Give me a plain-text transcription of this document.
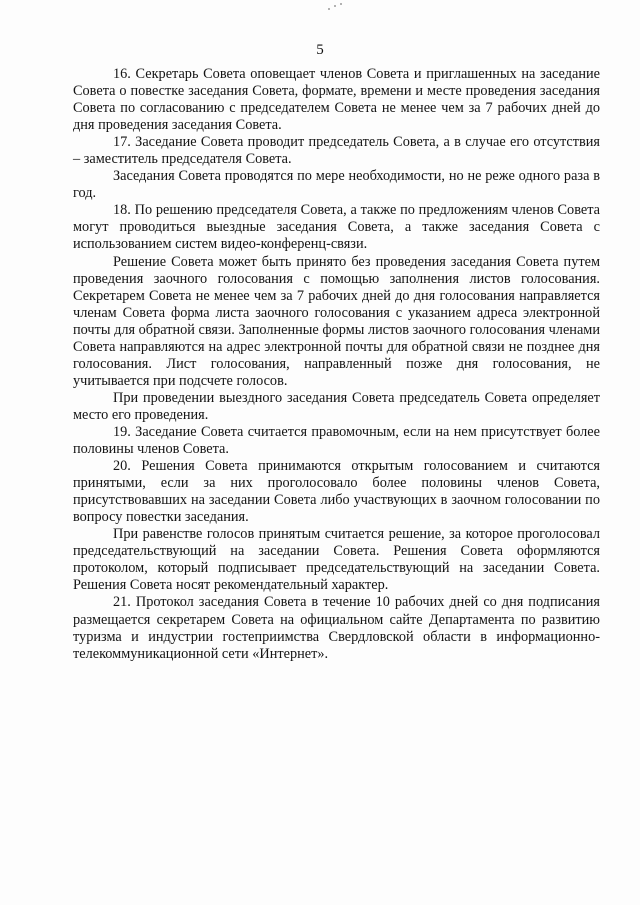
5

16. Секретарь Совета оповещает членов Совета и приглашенных на заседание Совета о повестке заседания Совета, формате, времени и месте проведения заседания Совета по согласованию с председателем Совета не менее чем за 7 рабочих дней до дня проведения заседания Совета.

17. Заседание Совета проводит председатель Совета, а в случае его отсутствия – заместитель председателя Совета.

Заседания Совета проводятся по мере необходимости, но не реже одного раза в год.

18. По решению председателя Совета, а также по предложениям членов Совета могут проводиться выездные заседания Совета, а также заседания Совета с использованием систем видео-конференц-связи.

Решение Совета может быть принято без проведения заседания Совета путем проведения заочного голосования с помощью заполнения листов голосования. Секретарем Совета не менее чем за 7 рабочих дней до дня голосования направляется членам Совета форма листа заочного голосования с указанием адреса электронной почты для обратной связи. Заполненные формы листов заочного голосования членами Совета направляются на адрес электронной почты для обратной связи не позднее дня голосования. Лист голосования, направленный позже дня голосования, не учитывается при подсчете голосов.

При проведении выездного заседания Совета председатель Совета определяет место его проведения.

19. Заседание Совета считается правомочным, если на нем присутствует более половины членов Совета.

20. Решения Совета принимаются открытым голосованием и считаются принятыми, если за них проголосовало более половины членов Совета, присутствовавших на заседании Совета либо участвующих в заочном голосовании по вопросу повестки заседания.

При равенстве голосов принятым считается решение, за которое проголосовал председательствующий на заседании Совета. Решения Совета оформляются протоколом, который подписывает председательствующий на заседании Совета. Решения Совета носят рекомендательный характер.

21. Протокол заседания Совета в течение 10 рабочих дней со дня подписания размещается секретарем Совета на официальном сайте Департамента по развитию туризма и индустрии гостеприимства Свердловской области в информационно-телекоммуникационной сети «Интернет».
